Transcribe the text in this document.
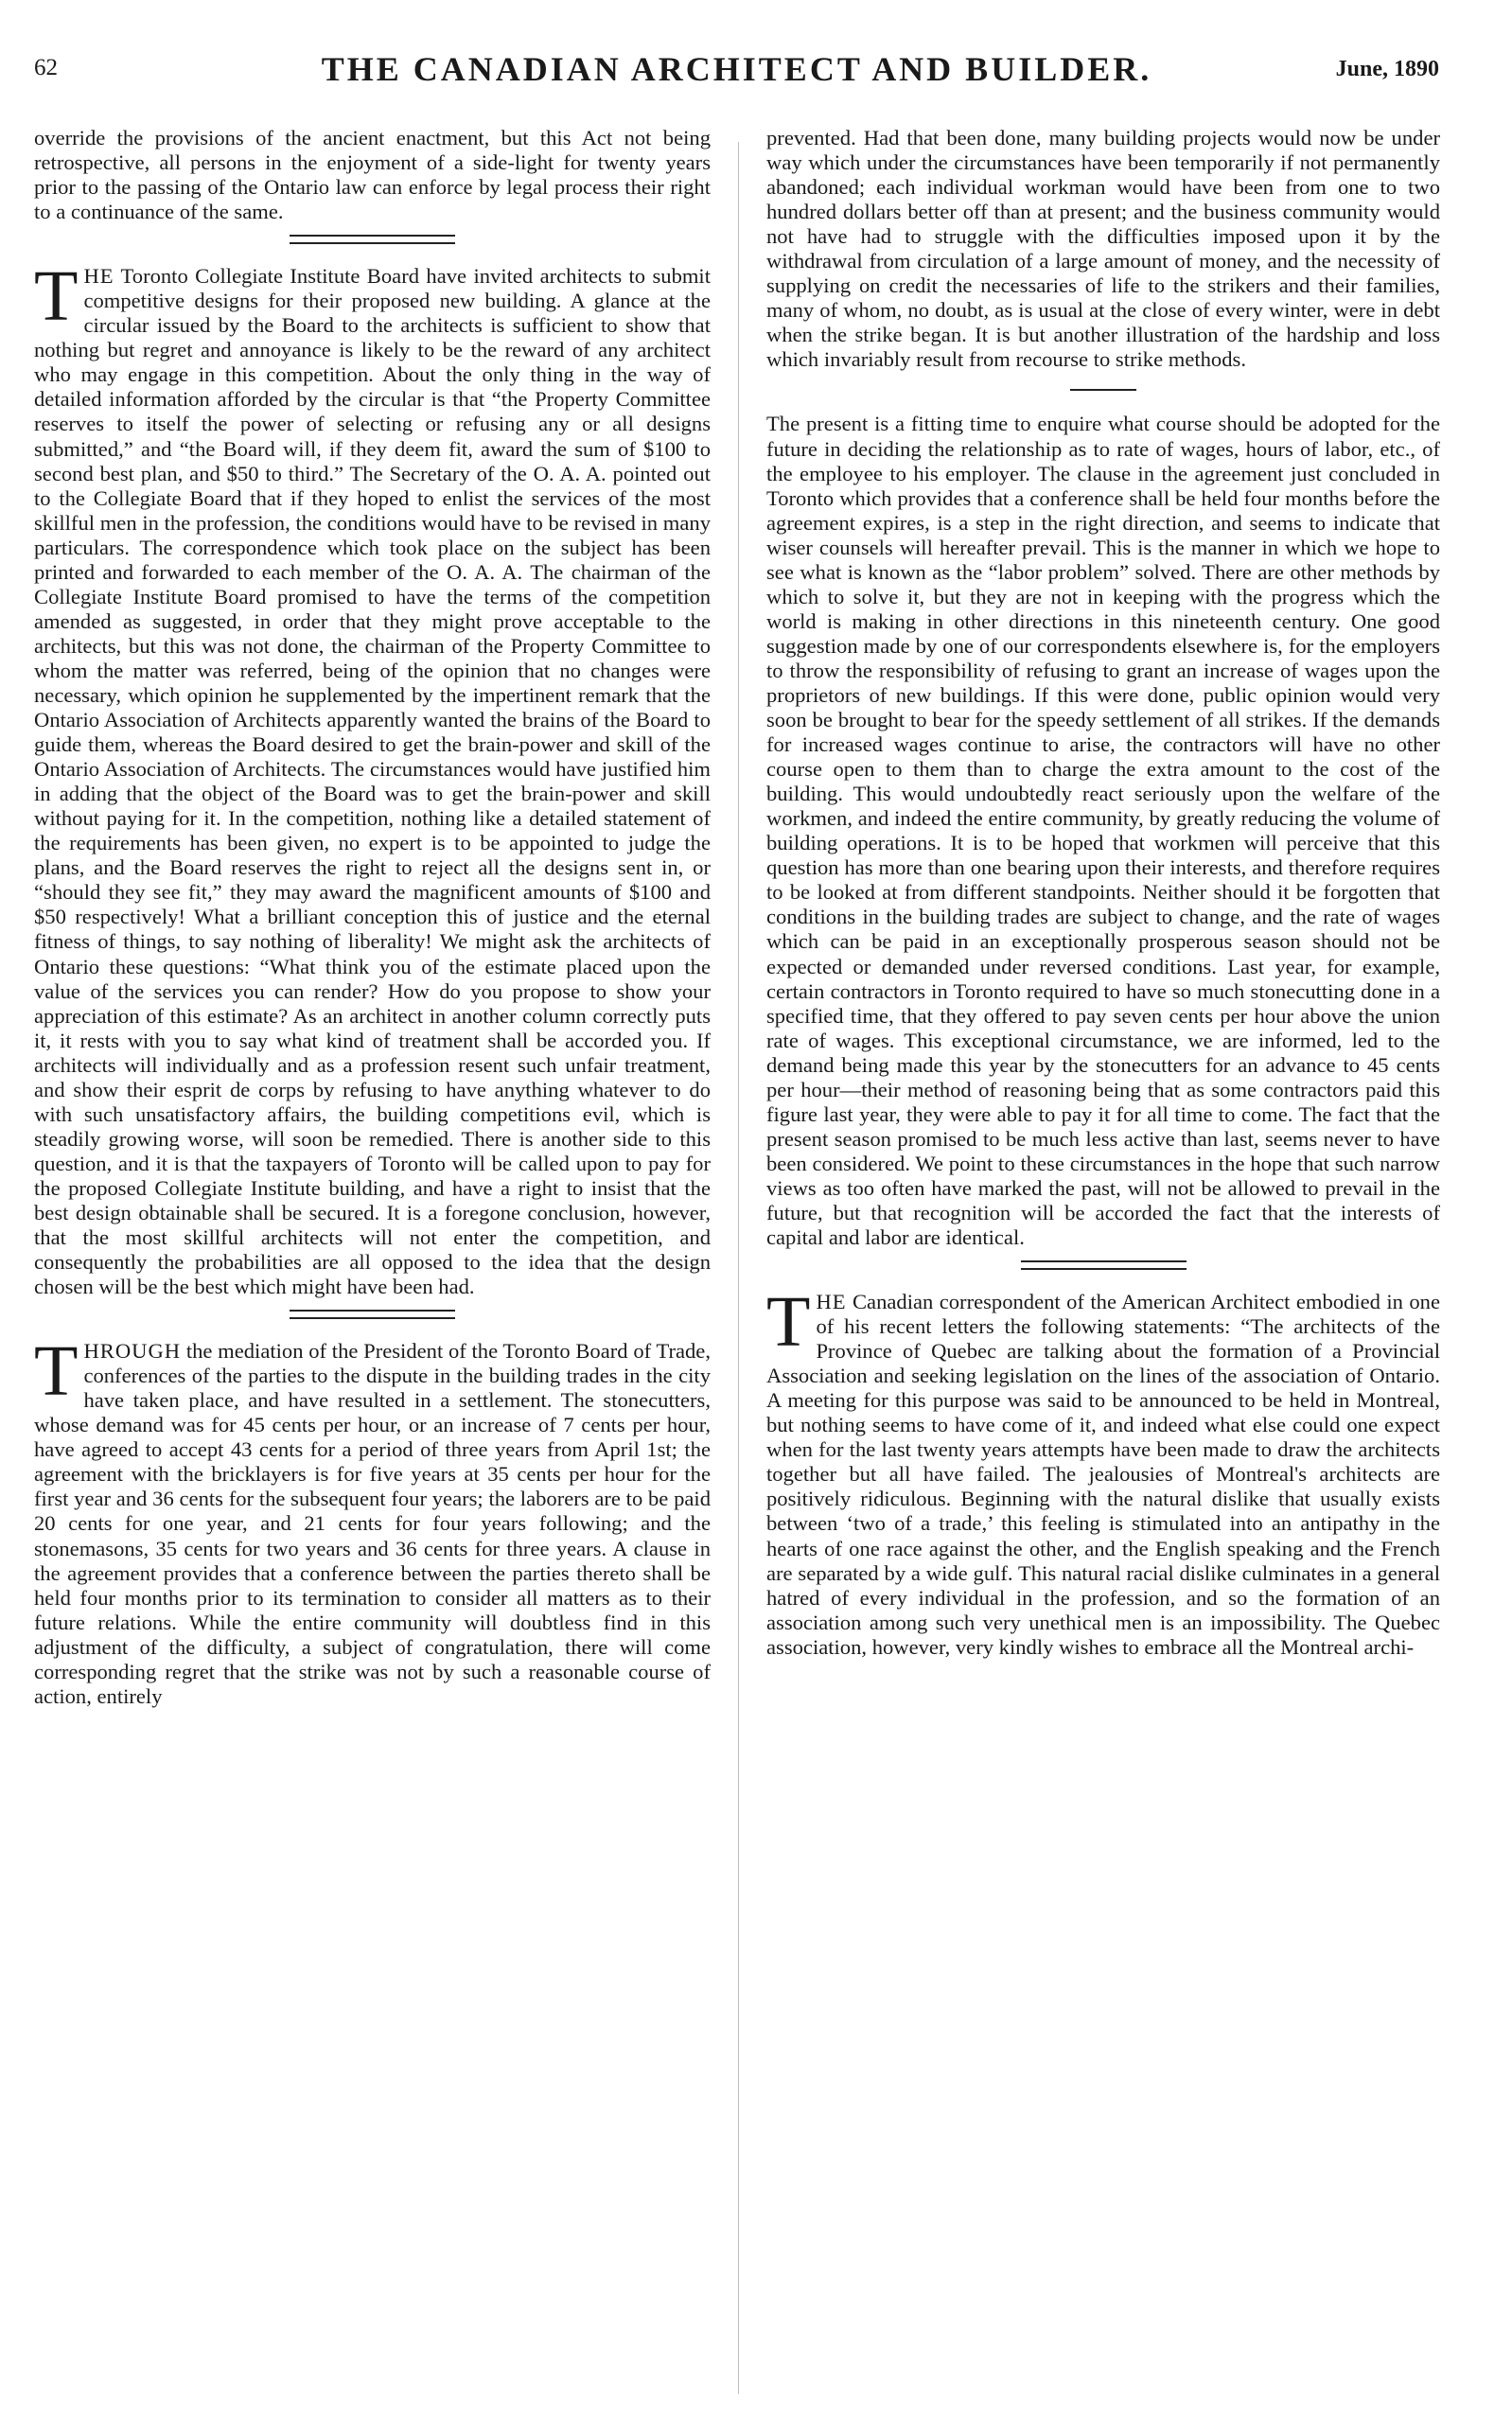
62	THE CANADIAN ARCHITECT AND BUILDER.	June, 1890

override the provisions of the ancient enactment, but this Act not being retrospective, all persons in the enjoyment of a side-light for twenty years prior to the passing of the Ontario law can enforce by legal process their right to a continuance of the same.

THE Toronto Collegiate Institute Board have invited architects to submit competitive designs for their proposed new building. A glance at the circular issued by the Board to the architects is sufficient to show that nothing but regret and annoyance is likely to be the reward of any architect who may engage in this competition. About the only thing in the way of detailed information afforded by the circular is that “the Property Committee reserves to itself the power of selecting or refusing any or all designs submitted,” and “the Board will, if they deem fit, award the sum of $100 to second best plan, and $50 to third.” The Secretary of the O. A. A. pointed out to the Collegiate Board that if they hoped to enlist the services of the most skillful men in the profession, the conditions would have to be revised in many particulars. The correspondence which took place on the subject has been printed and forwarded to each member of the O. A. A. The chairman of the Collegiate Institute Board promised to have the terms of the competition amended as suggested, in order that they might prove acceptable to the architects, but this was not done, the chairman of the Property Committee to whom the matter was referred, being of the opinion that no changes were necessary, which opinion he supplemented by the impertinent remark that the Ontario Association of Architects apparently wanted the brains of the Board to guide them, whereas the Board desired to get the brain-power and skill of the Ontario Association of Architects. The circumstances would have justified him in adding that the object of the Board was to get the brain-power and skill without paying for it. In the competition, nothing like a detailed statement of the requirements has been given, no expert is to be appointed to judge the plans, and the Board reserves the right to reject all the designs sent in, or “should they see fit,” they may award the magnificent amounts of $100 and $50 respectively! What a brilliant conception this of justice and the eternal fitness of things, to say nothing of liberality! We might ask the architects of Ontario these questions: “What think you of the estimate placed upon the value of the services you can render? How do you propose to show your appreciation of this estimate? As an architect in another column correctly puts it, it rests with you to say what kind of treatment shall be accorded you. If architects will individually and as a profession resent such unfair treatment, and show their esprit de corps by refusing to have anything whatever to do with such unsatisfactory affairs, the building competitions evil, which is steadily growing worse, will soon be remedied. There is another side to this question, and it is that the taxpayers of Toronto will be called upon to pay for the proposed Collegiate Institute building, and have a right to insist that the best design obtainable shall be secured. It is a foregone conclusion, however, that the most skillful architects will not enter the competition, and consequently the probabilities are all opposed to the idea that the design chosen will be the best which might have been had.

THROUGH the mediation of the President of the Toronto Board of Trade, conferences of the parties to the dispute in the building trades in the city have taken place, and have resulted in a settlement. The stonecutters, whose demand was for 45 cents per hour, or an increase of 7 cents per hour, have agreed to accept 43 cents for a period of three years from April 1st; the agreement with the bricklayers is for five years at 35 cents per hour for the first year and 36 cents for the subsequent four years; the laborers are to be paid 20 cents for one year, and 21 cents for four years following; and the stonemasons, 35 cents for two years and 36 cents for three years. A clause in the agreement provides that a conference between the parties thereto shall be held four months prior to its termination to consider all matters as to their future relations. While the entire community will doubtless find in this adjustment of the difficulty, a subject of congratulation, there will come corresponding regret that the strike was not by such a reasonable course of action, entirely

prevented. Had that been done, many building projects would now be under way which under the circumstances have been temporarily if not permanently abandoned; each individual workman would have been from one to two hundred dollars better off than at present; and the business community would not have had to struggle with the difficulties imposed upon it by the withdrawal from circulation of a large amount of money, and the necessity of supplying on credit the necessaries of life to the strikers and their families, many of whom, no doubt, as is usual at the close of every winter, were in debt when the strike began. It is but another illustration of the hardship and loss which invariably result from recourse to strike methods.

The present is a fitting time to enquire what course should be adopted for the future in deciding the relationship as to rate of wages, hours of labor, etc., of the employee to his employer. The clause in the agreement just concluded in Toronto which provides that a conference shall be held four months before the agreement expires, is a step in the right direction, and seems to indicate that wiser counsels will hereafter prevail. This is the manner in which we hope to see what is known as the “labor problem” solved. There are other methods by which to solve it, but they are not in keeping with the progress which the world is making in other directions in this nineteenth century. One good suggestion made by one of our correspondents elsewhere is, for the employers to throw the responsibility of refusing to grant an increase of wages upon the proprietors of new buildings. If this were done, public opinion would very soon be brought to bear for the speedy settlement of all strikes. If the demands for increased wages continue to arise, the contractors will have no other course open to them than to charge the extra amount to the cost of the building. This would undoubtedly react seriously upon the welfare of the workmen, and indeed the entire community, by greatly reducing the volume of building operations. It is to be hoped that workmen will perceive that this question has more than one bearing upon their interests, and therefore requires to be looked at from different standpoints. Neither should it be forgotten that conditions in the building trades are subject to change, and the rate of wages which can be paid in an exceptionally prosperous season should not be expected or demanded under reversed conditions. Last year, for example, certain contractors in Toronto required to have so much stonecutting done in a specified time, that they offered to pay seven cents per hour above the union rate of wages. This exceptional circumstance, we are informed, led to the demand being made this year by the stonecutters for an advance to 45 cents per hour—their method of reasoning being that as some contractors paid this figure last year, they were able to pay it for all time to come. The fact that the present season promised to be much less active than last, seems never to have been considered. We point to these circumstances in the hope that such narrow views as too often have marked the past, will not be allowed to prevail in the future, but that recognition will be accorded the fact that the interests of capital and labor are identical.

THE Canadian correspondent of the American Architect embodied in one of his recent letters the following statements: “The architects of the Province of Quebec are talking about the formation of a Provincial Association and seeking legislation on the lines of the association of Ontario. A meeting for this purpose was said to be announced to be held in Montreal, but nothing seems to have come of it, and indeed what else could one expect when for the last twenty years attempts have been made to draw the architects together but all have failed. The jealousies of Montreal's architects are positively ridiculous. Beginning with the natural dislike that usually exists between ‘two of a trade,’ this feeling is stimulated into an antipathy in the hearts of one race against the other, and the English speaking and the French are separated by a wide gulf. This natural racial dislike culminates in a general hatred of every individual in the profession, and so the formation of an association among such very unethical men is an impossibility. The Quebec association, however, very kindly wishes to embrace all the Montreal archi-
